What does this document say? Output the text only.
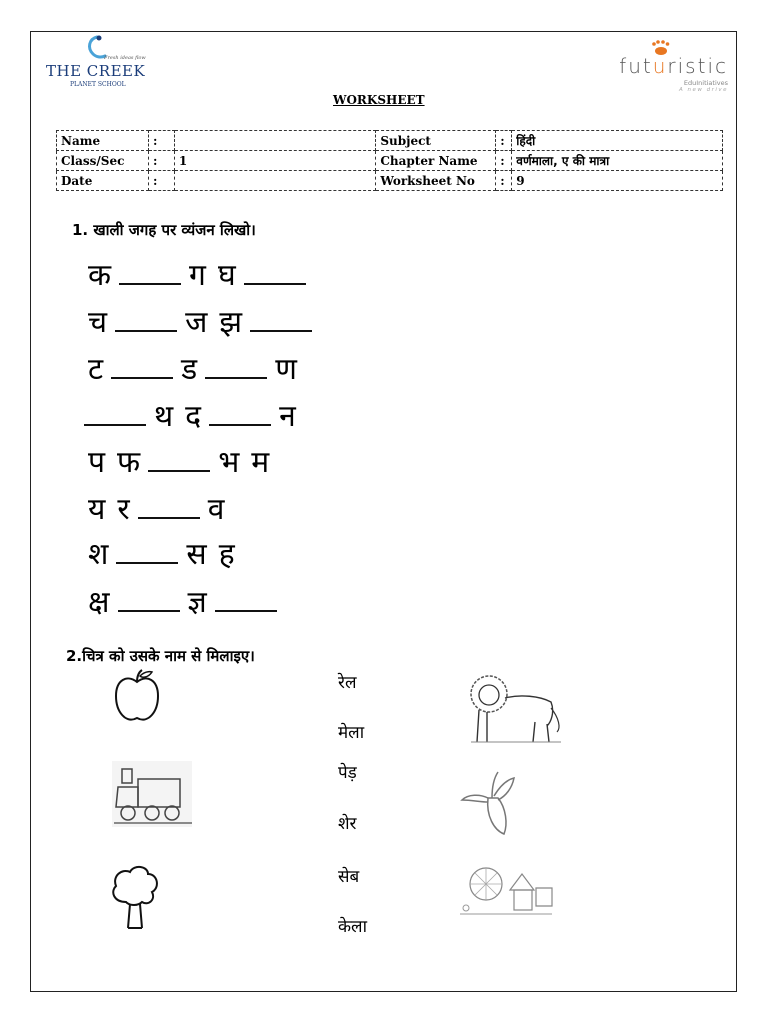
Fresh ideas flow
THE CREEK
PLANET SCHOOL
futuristic
EduInitiatives
A new drive
WORKSHEET
Name	:		Subject	:	हिंदी
Class/Sec	:	1	Chapter Name	:	वर्णमाला, ए की मात्रा
Date	:		Worksheet No	:	9
1. खाली जगह पर व्यंजन लिखो।
क	ग घ
च	ज झ
ट	ड	ण
थ द	न
प फ	भ म
य र	व
श	स ह
क्ष	ज्ञ
2.चित्र को उसके नाम से मिलाइए।
रेल
मेला
पेड़
शेर
सेब
केला
